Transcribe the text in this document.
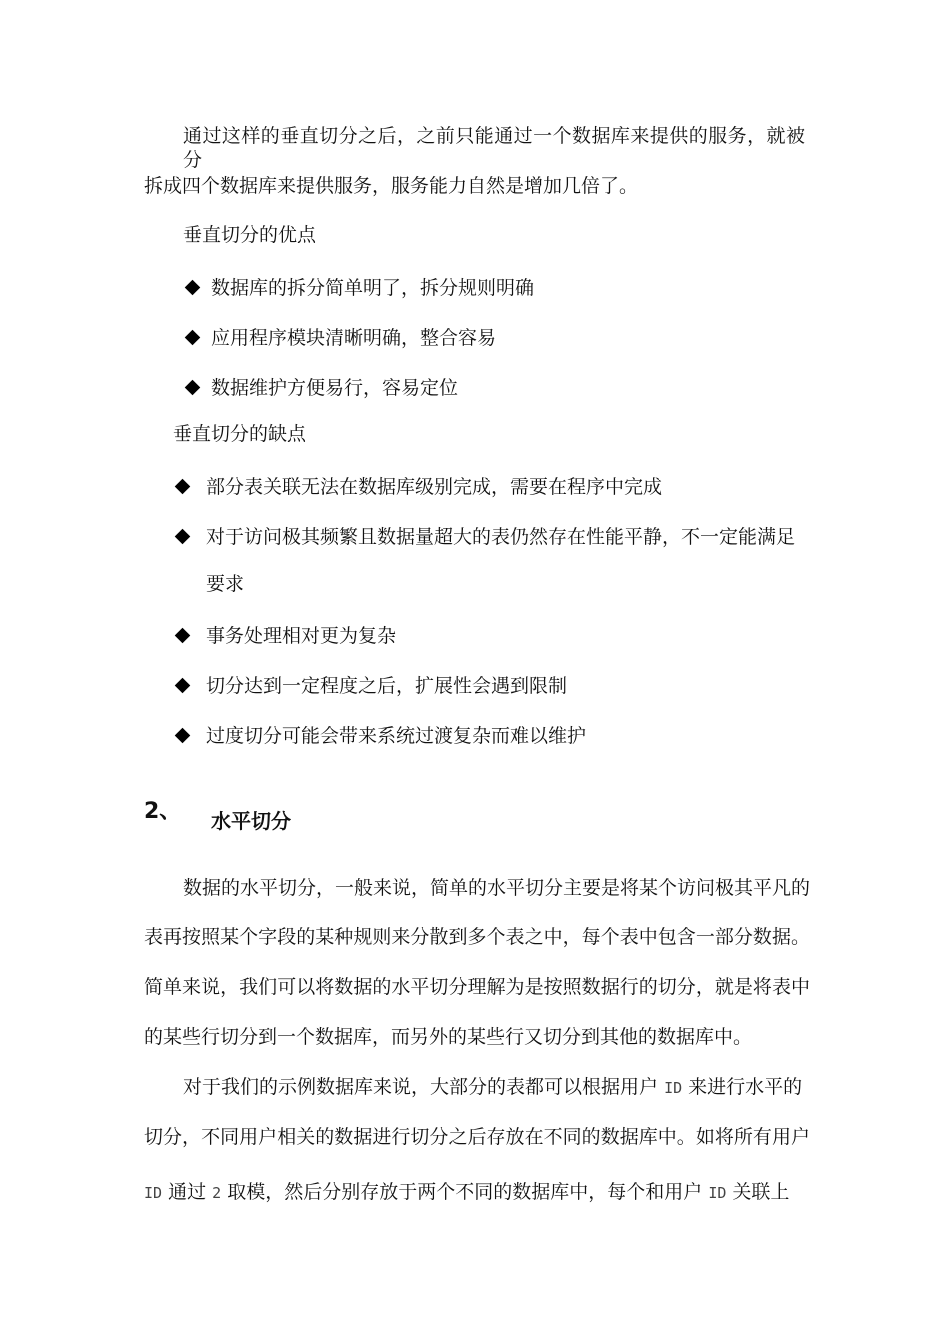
通过这样的垂直切分之后，之前只能通过一个数据库来提供的服务，就被分
拆成四个数据库来提供服务，服务能力自然是增加几倍了。
垂直切分的优点
数据库的拆分简单明了，拆分规则明确
应用程序模块清晰明确，整合容易
数据维护方便易行，容易定位
垂直切分的缺点
部分表关联无法在数据库级别完成，需要在程序中完成
对于访问极其频繁且数据量超大的表仍然存在性能平静，不一定能满足
要求
事务处理相对更为复杂
切分达到一定程度之后，扩展性会遇到限制
过度切分可能会带来系统过渡复杂而难以维护
2、 水平切分
数据的水平切分，一般来说，简单的水平切分主要是将某个访问极其平凡的
表再按照某个字段的某种规则来分散到多个表之中，每个表中包含一部分数据。
简单来说，我们可以将数据的水平切分理解为是按照数据行的切分，就是将表中
的某些行切分到一个数据库，而另外的某些行又切分到其他的数据库中。
对于我们的示例数据库来说，大部分的表都可以根据用户 ID 来进行水平的
切分，不同用户相关的数据进行切分之后存放在不同的数据库中。如将所有用户
ID 通过 2 取模，然后分别存放于两个不同的数据库中，每个和用户 ID 关联上
